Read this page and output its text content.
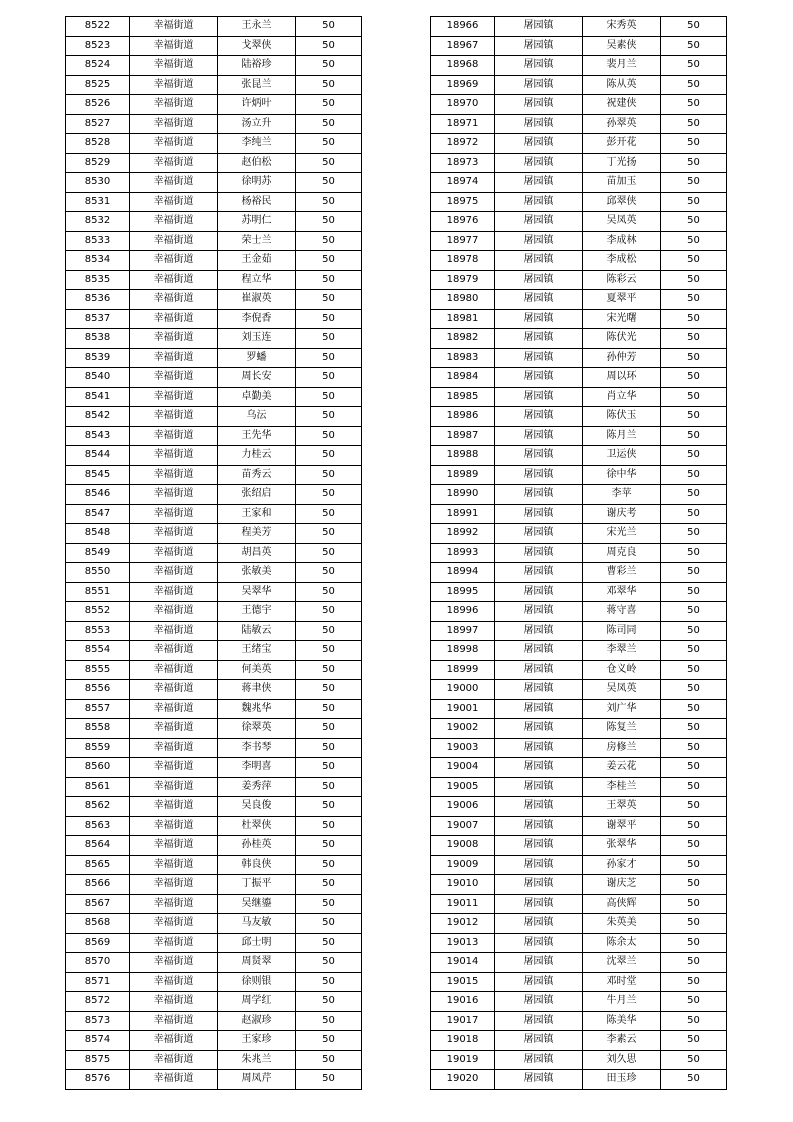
8522	幸福街道	王永兰	50
8523	幸福街道	戈翠侠	50
8524	幸福街道	陆裕珍	50
8525	幸福街道	张昆兰	50
8526	幸福街道	许炳叶	50
8527	幸福街道	汤立升	50
8528	幸福街道	李纯兰	50
8529	幸福街道	赵伯松	50
8530	幸福街道	徐明苏	50
8531	幸福街道	杨裕民	50
8532	幸福街道	苏明仁	50
8533	幸福街道	荣士兰	50
8534	幸福街道	王金茹	50
8535	幸福街道	程立华	50
8536	幸福街道	崔淑英	50
8537	幸福街道	李倪香	50
8538	幸福街道	刘玉连	50
8539	幸福街道	罗蟠	50
8540	幸福街道	周长安	50
8541	幸福街道	卓勤美	50
8542	幸福街道	乌沄	50
8543	幸福街道	王先华	50
8544	幸福街道	力桂云	50
8545	幸福街道	苗秀云	50
8546	幸福街道	张绍启	50
8547	幸福街道	王家和	50
8548	幸福街道	程美芳	50
8549	幸福街道	胡昌英	50
8550	幸福街道	张敏美	50
8551	幸福街道	吴翠华	50
8552	幸福街道	王德宇	50
8553	幸福街道	陆敏云	50
8554	幸福街道	王绪宝	50
8555	幸福街道	何美英	50
8556	幸福街道	蒋聿侠	50
8557	幸福街道	魏兆华	50
8558	幸福街道	徐翠英	50
8559	幸福街道	李书琴	50
8560	幸福街道	李明喜	50
8561	幸福街道	姜秀萍	50
8562	幸福街道	吴良俊	50
8563	幸福街道	杜翠侠	50
8564	幸福街道	孙桂英	50
8565	幸福街道	韩良侠	50
8566	幸福街道	丁振平	50
8567	幸福街道	吴继鎏	50
8568	幸福街道	马友敏	50
8569	幸福街道	邱士明	50
8570	幸福街道	周贤翠	50
8571	幸福街道	徐则银	50
8572	幸福街道	周学红	50
8573	幸福街道	赵淑珍	50
8574	幸福街道	王家珍	50
8575	幸福街道	朱兆兰	50
8576	幸福街道	周凤芹	50
18966	屠园镇	宋秀英	50
18967	屠园镇	吴素侠	50
18968	屠园镇	裴月兰	50
18969	屠园镇	陈从英	50
18970	屠园镇	祝建侠	50
18971	屠园镇	孙翠英	50
18972	屠园镇	彭开花	50
18973	屠园镇	丁光扬	50
18974	屠园镇	苗加玉	50
18975	屠园镇	邱翠侠	50
18976	屠园镇	吴凤英	50
18977	屠园镇	李成林	50
18978	屠园镇	李成松	50
18979	屠园镇	陈彩云	50
18980	屠园镇	夏翠平	50
18981	屠园镇	宋光曙	50
18982	屠园镇	陈伏光	50
18983	屠园镇	孙仲芳	50
18984	屠园镇	周以环	50
18985	屠园镇	肖立华	50
18986	屠园镇	陈伏玉	50
18987	屠园镇	陈月兰	50
18988	屠园镇	卫运侠	50
18989	屠园镇	徐中华	50
18990	屠园镇	李苹	50
18991	屠园镇	谢庆考	50
18992	屠园镇	宋光兰	50
18993	屠园镇	周克良	50
18994	屠园镇	曹彩兰	50
18995	屠园镇	邓翠华	50
18996	屠园镇	蒋守喜	50
18997	屠园镇	陈司同	50
18998	屠园镇	李翠兰	50
18999	屠园镇	仓义岭	50
19000	屠园镇	吴凤英	50
19001	屠园镇	刘广华	50
19002	屠园镇	陈复兰	50
19003	屠园镇	房修兰	50
19004	屠园镇	姜云花	50
19005	屠园镇	李桂兰	50
19006	屠园镇	王翠英	50
19007	屠园镇	谢翠平	50
19008	屠园镇	张翠华	50
19009	屠园镇	孙家才	50
19010	屠园镇	谢庆芝	50
19011	屠园镇	高侠辉	50
19012	屠园镇	朱英美	50
19013	屠园镇	陈余太	50
19014	屠园镇	沈翠兰	50
19015	屠园镇	邓时堂	50
19016	屠园镇	牛月兰	50
19017	屠园镇	陈美华	50
19018	屠园镇	李素云	50
19019	屠园镇	刘久思	50
19020	屠园镇	田玉珍	50
